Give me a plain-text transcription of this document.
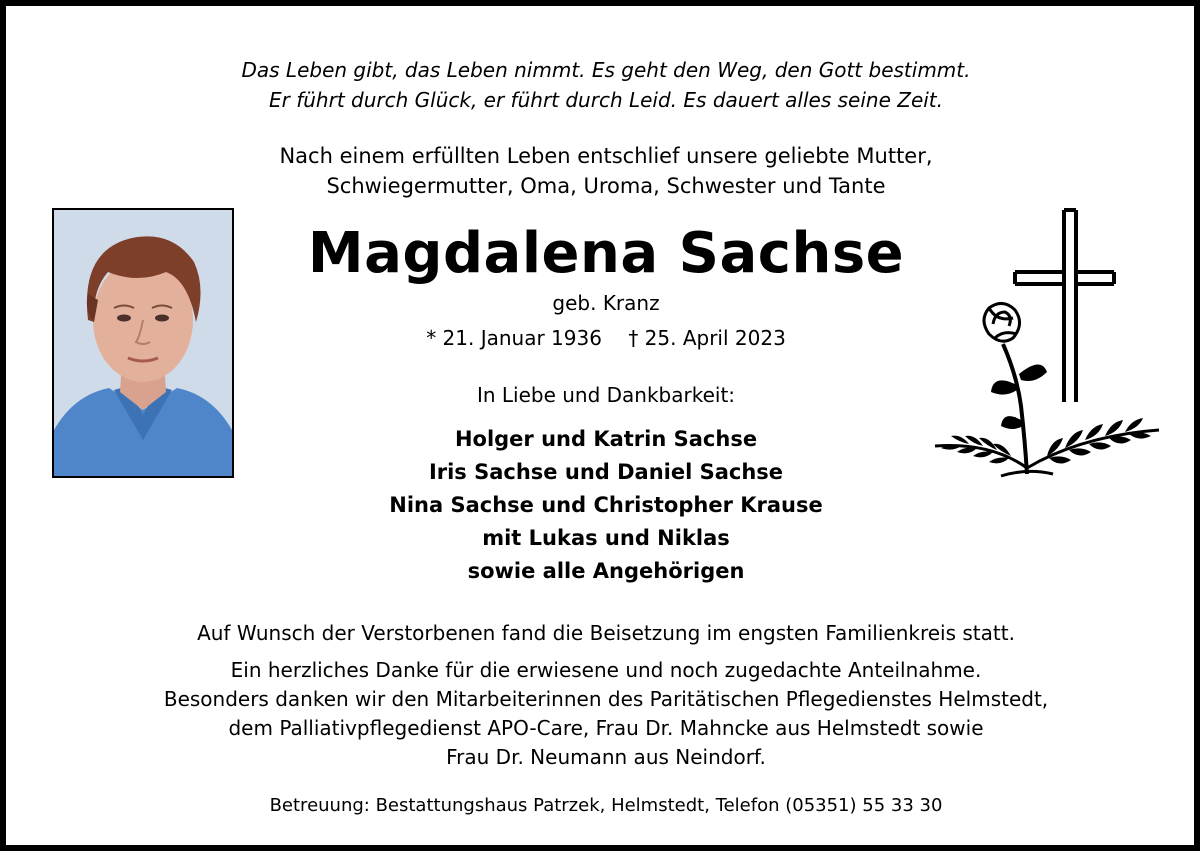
Das Leben gibt, das Leben nimmt. Es geht den Weg, den Gott bestimmt.
Er führt durch Glück, er führt durch Leid. Es dauert alles seine Zeit.
Nach einem erfüllten Leben entschlief unsere geliebte Mutter,
Schwiegermutter, Oma, Uroma, Schwester und Tante
Magdalena Sachse
geb. Kranz
* 21. Januar 1936 † 25. April 2023
In Liebe und Dankbarkeit:
Holger und Katrin Sachse
Iris Sachse und Daniel Sachse
Nina Sachse und Christopher Krause
mit Lukas und Niklas
sowie alle Angehörigen
Auf Wunsch der Verstorbenen fand die Beisetzung im engsten Familienkreis statt.
Ein herzliches Danke für die erwiesene und noch zugedachte Anteilnahme.
Besonders danken wir den Mitarbeiterinnen des Paritätischen Pflegedienstes Helmstedt,
dem Palliativpflegedienst APO-Care, Frau Dr. Mahncke aus Helmstedt sowie
Frau Dr. Neumann aus Neindorf.
Betreuung: Bestattungshaus Patrzek, Helmstedt, Telefon (05351) 55 33 30
